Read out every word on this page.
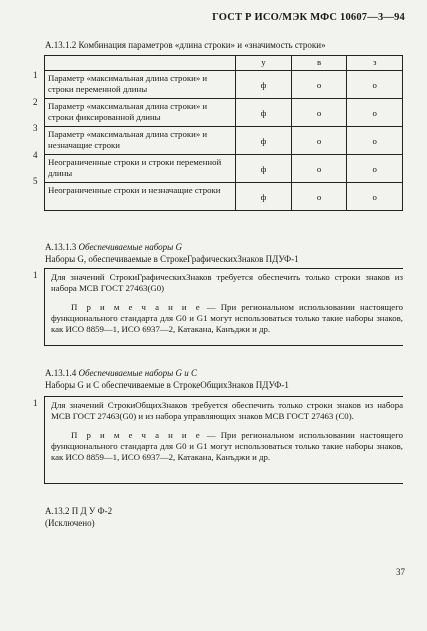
ГОСТ Р ИСО/МЭК МФС 10607—3—94
А.13.1.2 Комбинация параметров «длина строки» и «значимость строки»
	у	в	з
Параметр «максимальная длина строки» и строки переменной длины	ф	о	о
Параметр «максимальная длина строки» и строки фиксированной длины	ф	о	о
Параметр «максимальная длина строки» и незначащие строки	ф	о	о
Неограниченные строки и строки переменной длины	ф	о	о
Неограниченные строки и незначащие строки	ф	о	о
1
2
3
4
5
А.13.1.3 Обеспечиваемые наборы G
Наборы G, обеспечиваемые в СтрокеГрафическихЗнаков ПДУФ-1
1 Для значений СтрокиГрафическихЗнаков требуется обеспечить только строки знаков из набора МСВ ГОСТ 27463(G0)

П р и м е ч а н и е — При региональном использовании настоящего функционального стандарта для G0 и G1 могут использоваться только такие наборы знаков, как ИСО 8859—1, ИСО 6937—2, Катакана, Канъджи и др.

А.13.1.4 Обеспечиваемые наборы G и C
Наборы G и C обеспечиваемые в СтрокеОбщихЗнаков ПДУФ-1
1 Для значений СтрокиОбщихЗнаков требуется обеспечить только строки знаков из набора МСВ ГОСТ 27463(G0) и из набора управляющих знаков МСВ ГОСТ 27463 (C0).

П р и м е ч а н и е — При региональном использовании настоящего функционального стандарта для G0 и G1 могут использоваться только такие наборы знаков, как ИСО 8859—1, ИСО 6937—2, Катакана, Канъджи и др.

А.13.2 П Д У Ф-2
(Исключено)
37
